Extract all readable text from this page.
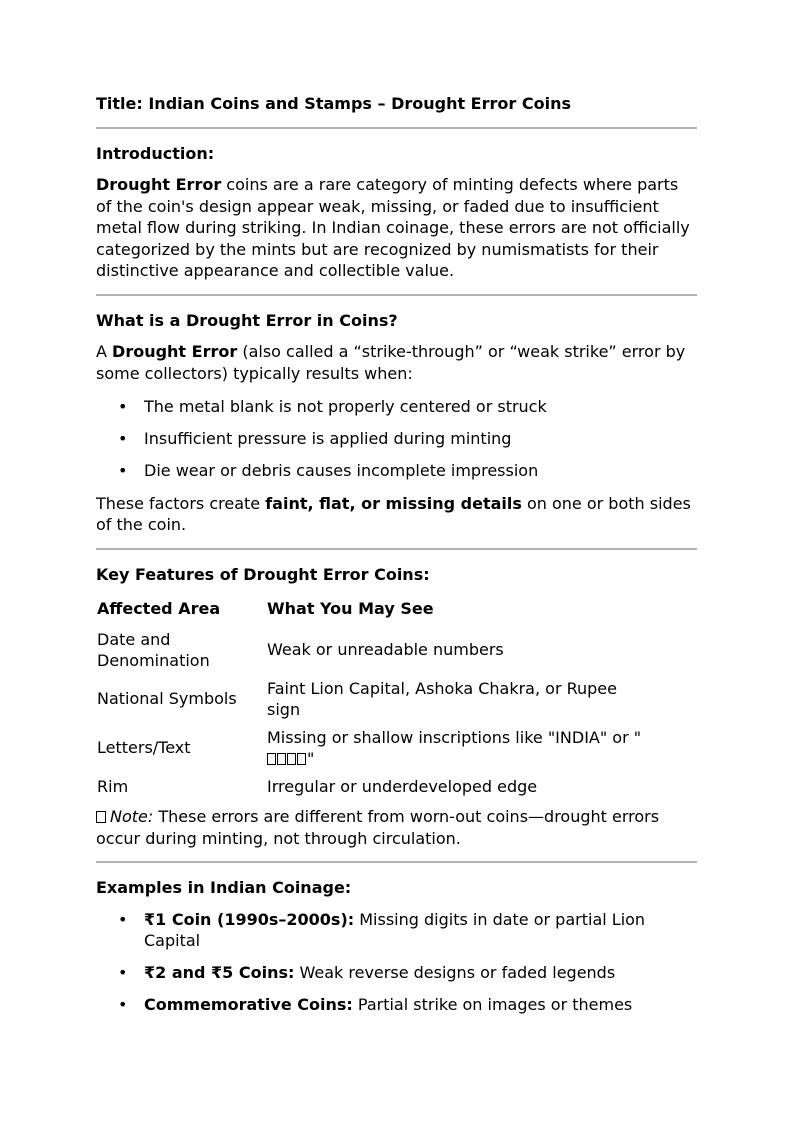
Title: Indian Coins and Stamps – Drought Error Coins
Introduction:

Drought Error coins are a rare category of minting defects where parts of the coin's design appear weak, missing, or faded due to insufficient metal flow during striking. In Indian coinage, these errors are not officially categorized by the mints but are recognized by numismatists for their distinctive appearance and collectible value.

What is a Drought Error in Coins?

A Drought Error (also called a “strike-through” or “weak strike” error by some collectors) typically results when:

• The metal blank is not properly centered or struck
• Insufficient pressure is applied during minting
• Die wear or debris causes incomplete impression

These factors create faint, flat, or missing details on one or both sides of the coin.

Key Features of Drought Error Coins:
Affected Area	What You May See
Date and Denomination	Weak or unreadable numbers
National Symbols	Faint Lion Capital, Ashoka Chakra, or Rupee sign
Letters/Text	Missing or shallow inscriptions like "INDIA" or ""
Rim	Irregular or underdeveloped edge

Note: These errors are different from worn-out coins—drought errors occur during minting, not through circulation.

Examples in Indian Coinage:
• ₹1 Coin (1990s–2000s): Missing digits in date or partial Lion Capital
• ₹2 and ₹5 Coins: Weak reverse designs or faded legends
• Commemorative Coins: Partial strike on images or themes
